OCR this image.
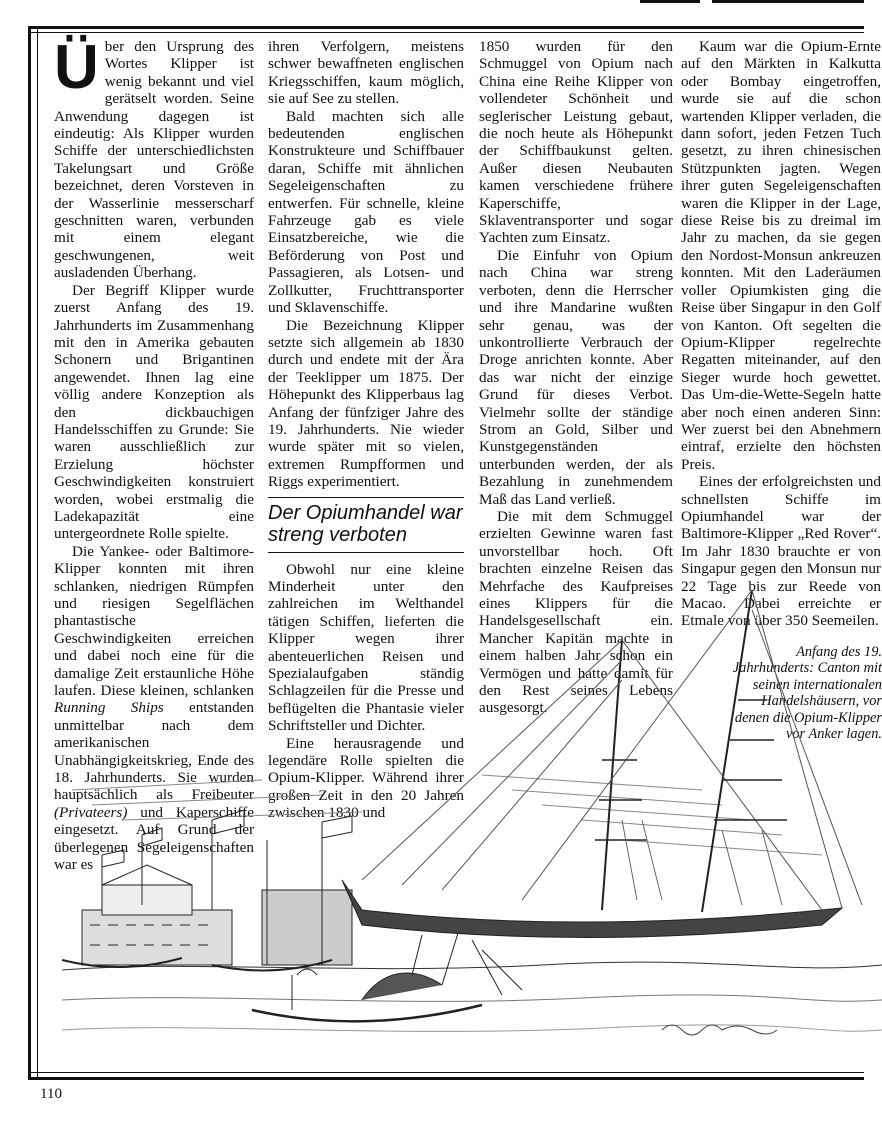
Über den Ursprung des Wortes Klipper ist wenig bekannt und viel gerätselt worden. Seine Anwendung dagegen ist eindeutig: Als Klipper wurden Schiffe der unterschiedlichsten Takelungsart und Größe bezeichnet, deren Vorsteven in der Wasserlinie messerscharf geschnitten waren, verbunden mit einem elegant geschwungenen, weit ausladenden Überhang.

Der Begriff Klipper wurde zuerst Anfang des 19. Jahrhunderts im Zusammenhang mit den in Amerika gebauten Schonern und Brigantinen angewendet. Ihnen lag eine völlig andere Konzeption als den dickbauchigen Handelsschiffen zu Grunde: Sie waren ausschließlich zur Erzielung höchster Geschwindigkeiten konstruiert worden, wobei erstmalig die Ladekapazität eine untergeordnete Rolle spielte.

Die Yankee- oder Baltimore-Klipper konnten mit ihren schlanken, niedrigen Rümpfen und riesigen Segelflächen phantastische Geschwindigkeiten erreichen und dabei noch eine für die damalige Zeit erstaunliche Höhe laufen. Diese kleinen, schlanken Running Ships entstanden unmittelbar nach dem amerikanischen Unabhängigkeitskrieg, Ende des 18. Jahrhunderts. Sie wurden hauptsächlich als Freibeuter (Privateers) und Kaperschiffe eingesetzt. Auf Grund der überlegenen Segeleigenschaften war es

ihren Verfolgern, meistens schwer bewaffneten englischen Kriegsschiffen, kaum möglich, sie auf See zu stellen.

Bald machten sich alle bedeutenden englischen Konstrukteure und Schiffbauer daran, Schiffe mit ähnlichen Segeleigenschaften zu entwerfen. Für schnelle, kleine Fahrzeuge gab es viele Einsatzbereiche, wie die Beförderung von Post und Passagieren, als Lotsen- und Zollkutter, Fruchttransporter und Sklavenschiffe.

Die Bezeichnung Klipper setzte sich allgemein ab 1830 durch und endete mit der Ära der Teeklipper um 1875. Der Höhepunkt des Klipperbaus lag Anfang der fünfziger Jahre des 19. Jahrhunderts. Nie wieder wurde später mit so vielen, extremen Rumpfformen und Riggs experimentiert.

Der Opiumhandel war streng verboten

Obwohl nur eine kleine Minderheit unter den zahlreichen im Welthandel tätigen Schiffen, lieferten die Klipper wegen ihrer abenteuerlichen Reisen und Spezialaufgaben ständig Schlagzeilen für die Presse und beflügelten die Phantasie vieler Schriftsteller und Dichter.

Eine herausragende und legendäre Rolle spielten die Opium-Klipper. Während ihrer großen Zeit in den 20 Jahren zwischen 1830 und

1850 wurden für den Schmuggel von Opium nach China eine Reihe Klipper von vollendeter Schönheit und seglerischer Leistung gebaut, die noch heute als Höhepunkt der Schiffbaukunst gelten. Außer diesen Neubauten kamen verschiedene frühere Kaperschiffe, Sklaventransporter und sogar Yachten zum Einsatz.

Die Einfuhr von Opium nach China war streng verboten, denn die Herrscher und ihre Mandarine wußten sehr genau, was der unkontrollierte Verbrauch der Droge anrichten konnte. Aber das war nicht der einzige Grund für dieses Verbot. Vielmehr sollte der ständige Strom an Gold, Silber und Kunstgegenständen unterbunden werden, der als Bezahlung in zunehmendem Maß das Land verließ.

Die mit dem Schmuggel erzielten Gewinne waren fast unvorstellbar hoch. Oft brachten einzelne Reisen das Mehrfache des Kaufpreises eines Klippers für die Handelsgesellschaft ein. Mancher Kapitän machte in einem halben Jahr schon ein Vermögen und hatte damit für den Rest seines Lebens ausgesorgt.

Kaum war die Opium-Ernte auf den Märkten in Kalkutta oder Bombay eingetroffen, wurde sie auf die schon wartenden Klipper verladen, die dann sofort, jeden Fetzen Tuch gesetzt, zu ihren chinesischen Stützpunkten jagten. Wegen ihrer guten Segeleigenschaften waren die Klipper in der Lage, diese Reise bis zu dreimal im Jahr zu machen, da sie gegen den Nordost-Monsun ankreuzen konnten. Mit den Laderäumen voller Opiumkisten ging die Reise über Singapur in den Golf von Kanton. Oft segelten die Opium-Klipper regelrechte Regatten miteinander, auf den Sieger wurde hoch gewettet. Das Um-die-Wette-Segeln hatte aber noch einen anderen Sinn: Wer zuerst bei den Abnehmern eintraf, erzielte den höchsten Preis.

Eines der erfolgreichsten und schnellsten Schiffe im Opiumhandel war der Baltimore-Klipper „Red Rover“. Im Jahr 1830 brauchte er von Singapur gegen den Monsun nur 22 Tage bis zur Reede von Macao. Dabei erreichte er Etmale von über 350 Seemeilen.

Anfang des 19. Jahrhunderts: Canton mit seinen internationalen Handelshäusern, vor denen die Opium-Klipper vor Anker lagen.
110
